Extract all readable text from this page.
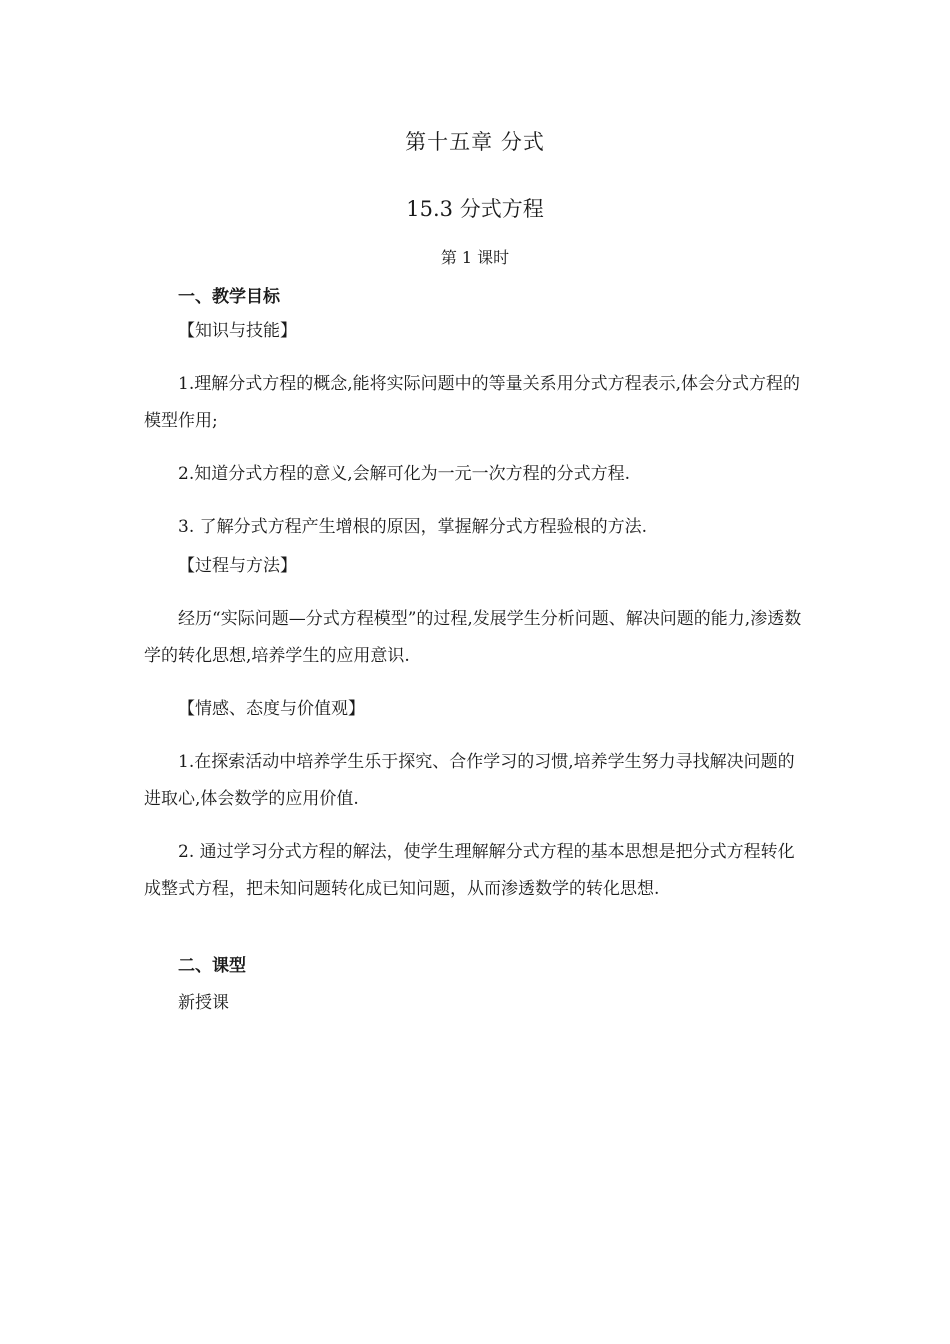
第十五章 分式
15.3 分式方程
第 1 课时
一、教学目标
【知识与技能】
1.理解分式方程的概念,能将实际问题中的等量关系用分式方程表示,体会分式方程的模型作用;
2.知道分式方程的意义,会解可化为一元一次方程的分式方程.
3. 了解分式方程产生增根的原因，掌握解分式方程验根的方法.
【过程与方法】
经历“实际问题—分式方程模型”的过程,发展学生分析问题、解决问题的能力,渗透数学的转化思想,培养学生的应用意识.
【情感、态度与价值观】
1.在探索活动中培养学生乐于探究、合作学习的习惯,培养学生努力寻找解决问题的进取心,体会数学的应用价值.
2. 通过学习分式方程的解法，使学生理解解分式方程的基本思想是把分式方程转化成整式方程，把未知问题转化成已知问题，从而渗透数学的转化思想.
二、课型
新授课
